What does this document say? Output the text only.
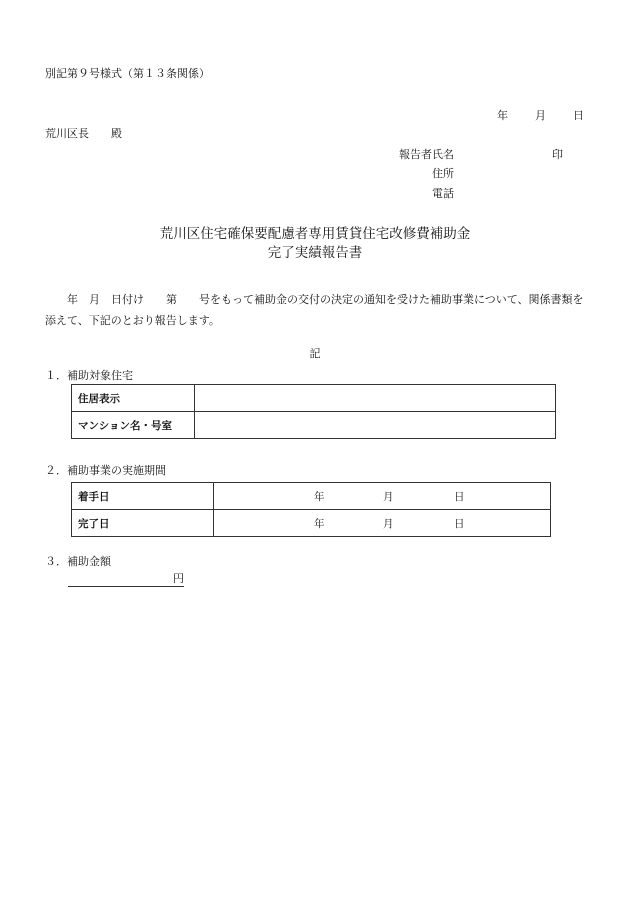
別記第９号様式（第１３条関係）
年 月 日
荒川区長 殿
報告者氏名	印
住所
電話
荒川区住宅確保要配慮者専用賃貸住宅改修費補助金
完了実績報告書
年　月　日付け　　第　　号をもって補助金の交付の決定の通知を受けた補助事業について、関係書類を添えて、下記のとおり報告します。
記
１．補助対象住宅
住居表示	
マンション名・号室	
２．補助事業の実施期間
着手日	年 月 日

完了日	年 月 日
３．補助金額
円
